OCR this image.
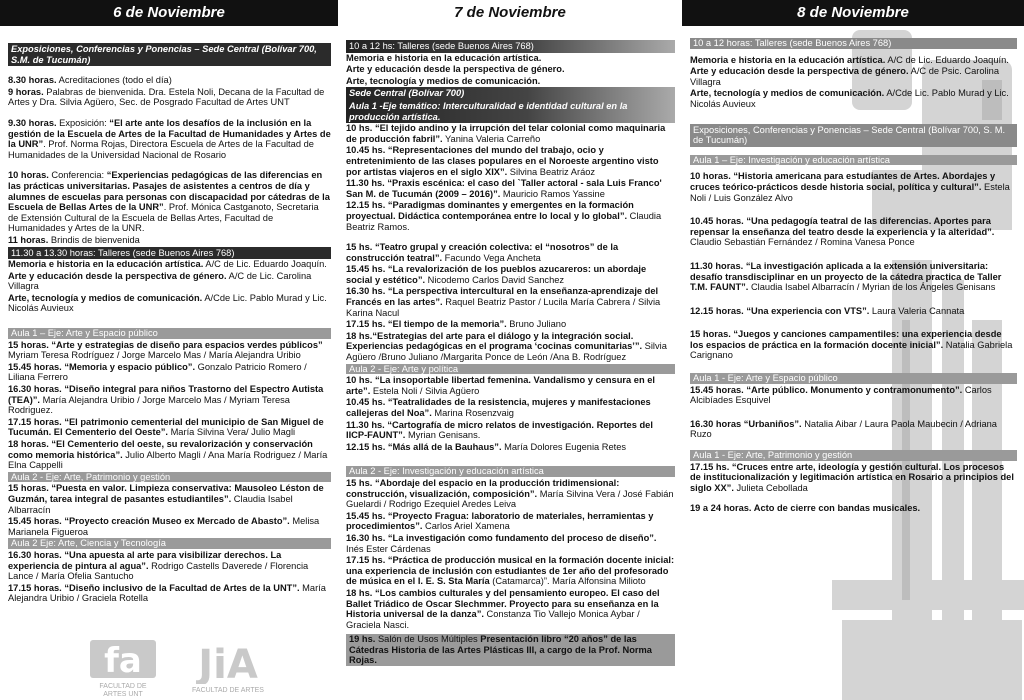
6 de Noviembre
Exposiciones, Conferencias y Ponencias – Sede Central (Bolívar 700, S.M. de Tucumán)

8.30 horas. Acreditaciones (todo el día)

9 horas. Palabras de bienvenida. Dra. Estela Noli, Decana de la Facultad de Artes y Dra. Silvia Agüero, Sec. de Posgrado Facultad de Artes UNT

9.30 horas. Exposición: “El arte ante los desafíos de la inclusión en la gestión de la Escuela de Artes de la Facultad de Humanidades y Artes de la UNR”. Prof. Norma Rojas, Directora Escuela de Artes de la Facultad de Humanidades de la Universidad Nacional de Rosario

10 horas. Conferencia: “Experiencias pedagógicas de las diferencias en las prácticas universitarias. Pasajes de asistentes a centros de día y alumnes de escuelas para personas con discapacidad por cátedras de la Escuela de Bellas Artes de la UNR”. Prof. Mónica Castganoto, Secretaria de Extensión Cultural de la Escuela de Bellas Artes, Facultad de Humanidades y Artes de la UNR.

11 horas. Brindis de bienvenida

11.30 a 13.30 horas: Talleres (sede Buenos Aires 768)

Memoria e historia en la educación artística. A/C de Lic. Eduardo Joaquín.

Arte y educación desde la perspectiva de género. A/C de Lic. Carolina Villagra

Arte, tecnología y medios de comunicación. A/Cde Lic. Pablo Murad y Lic. Nicolás Auvieux

Aula 1 – Eje: Arte y Espacio público

15 horas. “Arte y estrategias de diseño para espacios verdes públicos” Myriam Teresa Rodríguez / Jorge Marcelo Mas / María Alejandra Uribio

15.45 horas. “Memoria y espacio público”. Gonzalo Patricio Romero / Liliana Ferrero

16.30 horas. “Diseño integral para niños Trastorno del Espectro Autista (TEA)”. María Alejandra Uribio / Jorge Marcelo Mas / Myriam Teresa Rodriguez.

17.15 horas. “El patrimonio cementerial del municipio de San Miguel de Tucumán. El Cementerio del Oeste”. María Silvina Vera/ Julio Magli

18 horas. “El Cementerio del oeste, su revalorización y conservación como memoria histórica”. Julio Alberto Magli / Ana María Rodriguez / María Elna Cappelli

Aula 2 - Eje: Arte, Patrimonio y gestión

15 horas. “Puesta en valor. Limpieza conservativa: Mausoleo Léston de Guzmán, tarea integral de pasantes estudiantiles”. Claudia Isabel Albarracín

15.45 horas. “Proyecto creación Museo ex Mercado de Abasto”. Melisa Marianela Figueroa

Aula 2 Eje: Arte, Ciencia y Tecnología

16.30 horas. “Una apuesta al arte para visibilizar derechos. La experiencia de pintura al agua”. Rodrigo Castells Daverede / Florencia Lance / María Ofelia Santucho

17.15 horas. “Diseño inclusivo de la Facultad de Artes de la UNT”. María Alejandra Uribio / Graciela Rotella

fa
FACULTAD DE ARTES UNT
JiA
FACULTAD DE ARTES
7 de Noviembre
10 a 12 hs: Talleres (sede Buenos Aires 768)

Memoria e historia en la educación artística.

Arte y educación desde la perspectiva de género.

Arte, tecnología y medios de comunicación.

Sede Central (Bolívar 700)
Aula 1 -Eje temático: Interculturalidad e identidad cultural en la producción artística.

10 hs. “El tejido andino y la irrupción del telar colonial como maquinaria de producción fabril”. Yanina Valeria Carreño

10.45 hs. “Representaciones del mundo del trabajo, ocio y entretenimiento de las clases populares en el Noroeste argentino visto por artistas viajeros en el siglo XIX”. Silvina Beatriz Aráoz

11.30 hs. “Praxis escénica: el caso del `Taller actoral - sala Luis Franco' San M. de Tucumán (2009 – 2016)”. Mauricio Ramos Yassine

12.15 hs. “Paradigmas dominantes y emergentes en la formación proyectual. Didáctica contemporánea entre lo local y lo global”. Claudia Beatriz Ramos.

15 hs. “Teatro grupal y creación colectiva: el “nosotros” de la construcción teatral”. Facundo Vega Ancheta

15.45 hs. “La revalorización de los pueblos azucareros: un abordaje social y estético”. Nicodemo Carlos David Sanchez

16.30 hs. “La perspectiva intercultural en la enseñanza-aprendizaje del Francés en las artes”. Raquel Beatriz Pastor / Lucila María Cabrera / Silvia Karina Nacul

17.15 hs. “El tiempo de la memoria”. Bruno Juliano

18 hs.“Estrategias del arte para el diálogo y la integración social. Experiencias pedagógicas en el programa ‘cocinas comunitarias’”. Silvia Agüero /Bruno Juliano /Margarita Ponce de León /Ana B. Rodríguez

Aula 2 - Eje: Arte y política

10 hs. “La insoportable libertad femenina. Vandalismo y censura en el arte”. Estela Noli / Silvia Agüero

10.45 hs. “Teatralidades de la resistencia, mujeres y manifestaciones callejeras del Noa”. Marina Rosenzvaig

11.30 hs. “Cartografía de micro relatos de investigación. Reportes del IICP-FAUNT”. Myrian Genisans.

12.15 hs. “Más allá de la Bauhaus”. María Dolores Eugenia Retes

Aula 2 - Eje: Investigación y educación artística

15 hs. “Abordaje del espacio en la producción tridimensional: construcción, visualización, composición”. María Silvina Vera / José Fabián Guelardi / Rodrigo Ezequiel Aredes Leiva

15.45 hs. “Proyecto Fragua: laboratorio de materiales, herramientas y procedimientos”. Carlos Ariel Xamena

16.30 hs. “La investigación como fundamento del proceso de diseño”. Inés Ester Cárdenas

17.15 hs. “Práctica de producción musical en la formación docente inicial: una experiencia de inclusión con estudiantes de 1er año del profesorado de música en el I. E. S. Sta María (Catamarca)”. María Alfonsina Milioto

18 hs. “Los cambios culturales y del pensamiento europeo. El caso del Ballet Triádico de Oscar Slechmmer. Proyecto para su enseñanza en la Historia universal de la danza”. Constanza Tio Vallejo Monica Aybar / Graciela Nasci.

19 hs. Salón de Usos Múltiples Presentación libro “20 años” de las Cátedras Historia de las Artes Plásticas III, a cargo de la Prof. Norma Rojas.
8 de Noviembre
10 a 12 horas: Talleres (sede Buenos Aires 768)

Memoria e historia en la educación artística. A/C de Lic. Eduardo Joaquín.

Arte y educación desde la perspectiva de género. A/C de Psic. Carolina Villagra

Arte, tecnología y medios de comunicación. A/Cde Lic. Pablo Murad y Lic. Nicolás Auvieux

Exposiciones, Conferencias y Ponencias – Sede Central (Bolívar 700, S. M. de Tucumán)
Aula 1 – Eje: Investigación y educación artística

10 horas. “Historia americana para estudiantes de Artes. Abordajes y cruces teórico-prácticos desde historia social, política y cultural”. Estela Noli / Luis González Alvo

10.45 horas. “Una pedagogía teatral de las diferencias. Aportes para repensar la enseñanza del teatro desde la experiencia y la alteridad”. Claudio Sebastián Fernández / Romina Vanesa Ponce

11.30 horas. “La investigación aplicada a la extensión universitaria: desafío transdisciplinar en un proyecto de la cátedra practica de Taller T.M. FAUNT”. Claudia Isabel Albarracín / Myrian de los Ángeles Genisans

12.15 horas. “Una experiencia con VTS”. Laura Valeria Cannata

15 horas. “Juegos y canciones campamentiles: una experiencia desde los espacios de práctica en la formación docente inicial”. Natalia Gabriela Carignano

Aula 1 - Eje: Arte y Espacio público

15.45 horas. “Arte público. Monumento y contramonumento”. Carlos Alcibíades Esquivel

16.30 horas “Urbaniños”. Natalia Aibar / Laura Paola Maubecin / Adriana Ruzo

Aula 1 - Eje: Arte, Patrimonio y gestión

17.15 hs. “Cruces entre arte, ideología y gestión cultural. Los procesos de institucionalización y legitimación artística en Rosario a principios del siglo XX”. Julieta Cebollada

19 a 24 horas. Acto de cierre con bandas musicales.
